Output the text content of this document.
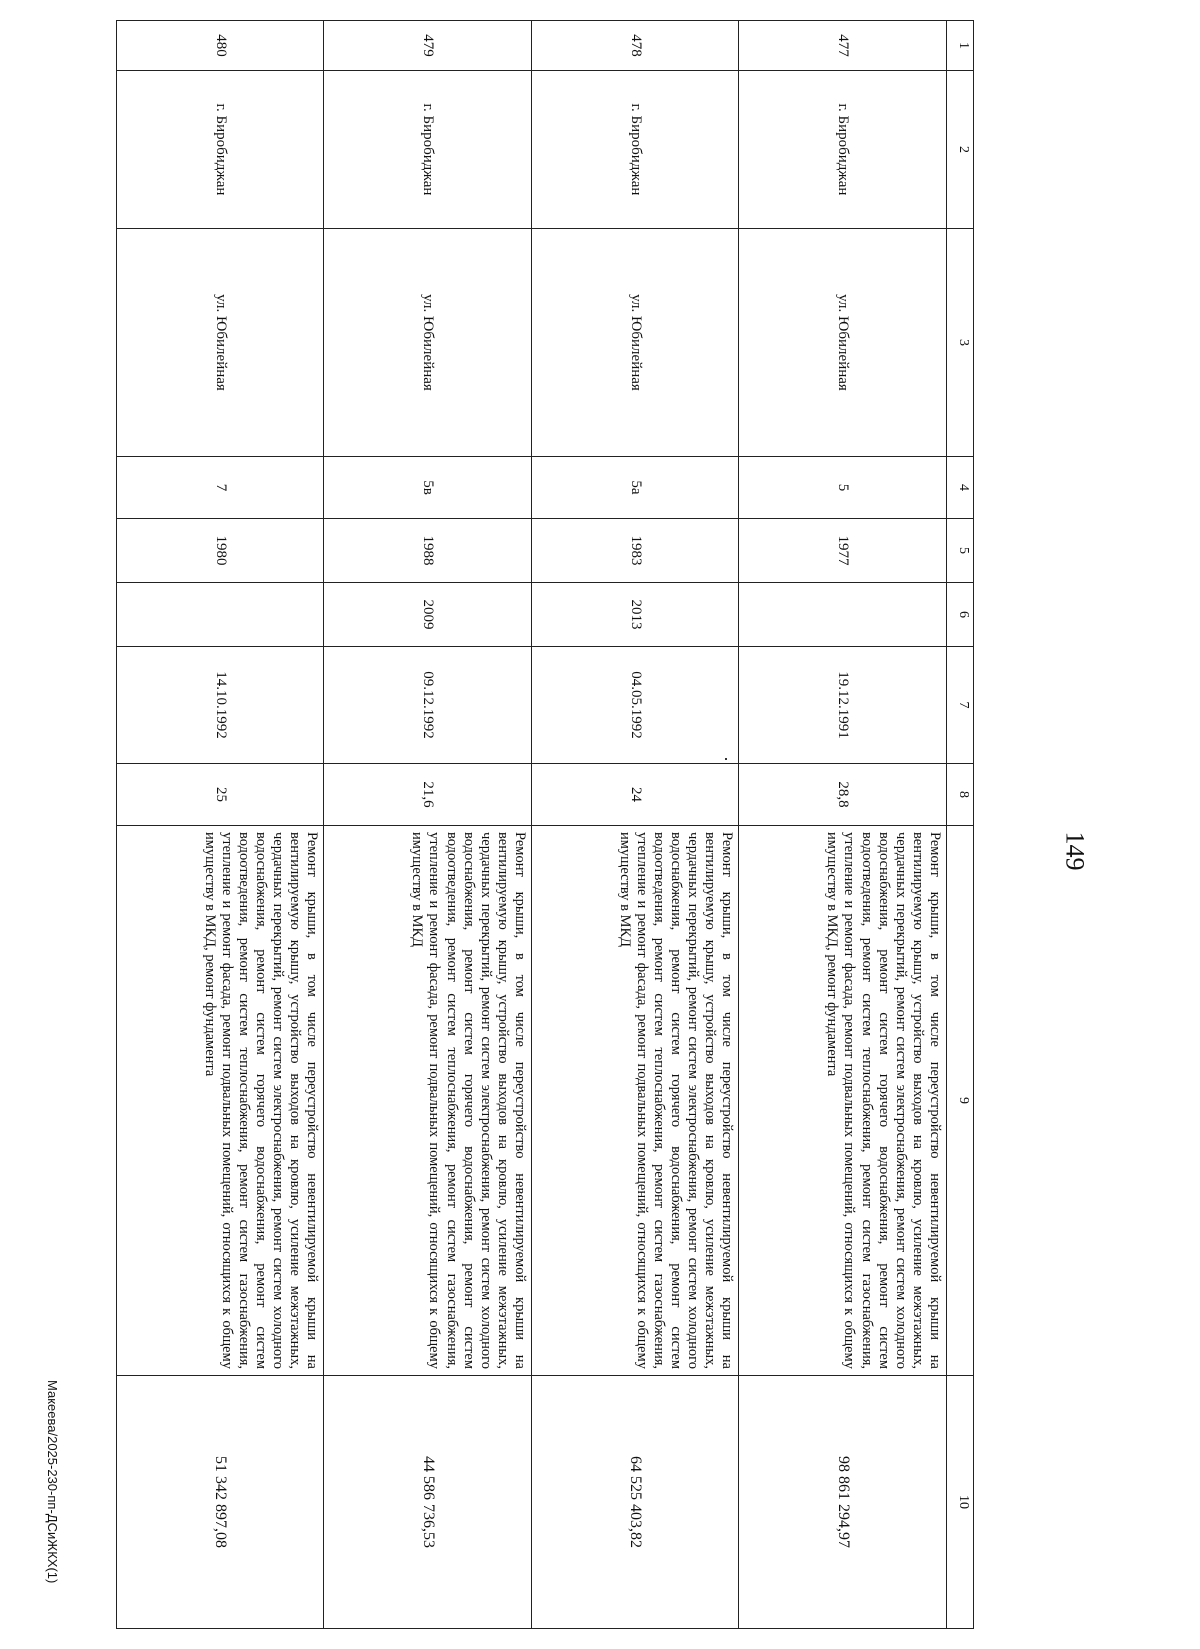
149
1	2	3	4	5	6	7	8	9	10
477	г. Биробиджан	ул. Юбилейная	5	1977		19.12.1991	28,8	Ремонт крыши, в том числе переустройство невентилируемой крыши на вентилируемую крышу, устройство выходов на кровлю, усиление межэтажных, чердачных перекрытий, ремонт систем электроснабжения, ремонт систем холодного водоснабжения, ремонт систем горячего водоснабжения, ремонт систем водоотведения, ремонт систем теплоснабжения, ремонт систем газоснабжения, утепление и ремонт фасада, ремонт подвальных помещений, относящихся к общему имуществу в МКД, ремонт фундамента	98 861 294,97
478	г. Биробиджан	ул. Юбилейная	5а	1983	2013	04.05.1992	24	Ремонт крыши, в том числе переустройство невентилируемой крыши на вентилируемую крышу, устройство выходов на кровлю, усиление межэтажных, чердачных перекрытий, ремонт систем электроснабжения, ремонт систем холодного водоснабжения, ремонт систем горячего водоснабжения, ремонт систем водоотведения, ремонт систем теплоснабжения, ремонт систем газоснабжения, утепление и ремонт фасада, ремонт подвальных помещений, относящихся к общему имуществу в МКД	64 525 403,82
479	г. Биробиджан	ул. Юбилейная	5в	1988	2009	09.12.1992	21,6	Ремонт крыши, в том числе переустройство невентилируемой крыши на вентилируемую крышу, устройство выходов на кровлю, усиление межэтажных, чердачных перекрытий, ремонт систем электроснабжения, ремонт систем холодного водоснабжения, ремонт систем горячего водоснабжения, ремонт систем водоотведения, ремонт систем теплоснабжения, ремонт систем газоснабжения, утепление и ремонт фасада, ремонт подвальных помещений, относящихся к общему имуществу в МКД	44 586 736,53
480	г. Биробиджан	ул. Юбилейная	7	1980		14.10.1992	25	Ремонт крыши, в том числе переустройство невентилируемой крыши на вентилируемую крышу, устройство выходов на кровлю, усиление межэтажных, чердачных перекрытий, ремонт систем электроснабжения, ремонт систем холодного водоснабжения, ремонт систем горячего водоснабжения, ремонт систем водоотведения, ремонт систем теплоснабжения, ремонт систем газоснабжения, утепление и ремонт фасада, ремонт подвальных помещений, относящихся к общему имуществу в МКД, ремонт фундамента	51 342 897,08
Макеева/2025-230-пп-ДСиЖКХ(1)
